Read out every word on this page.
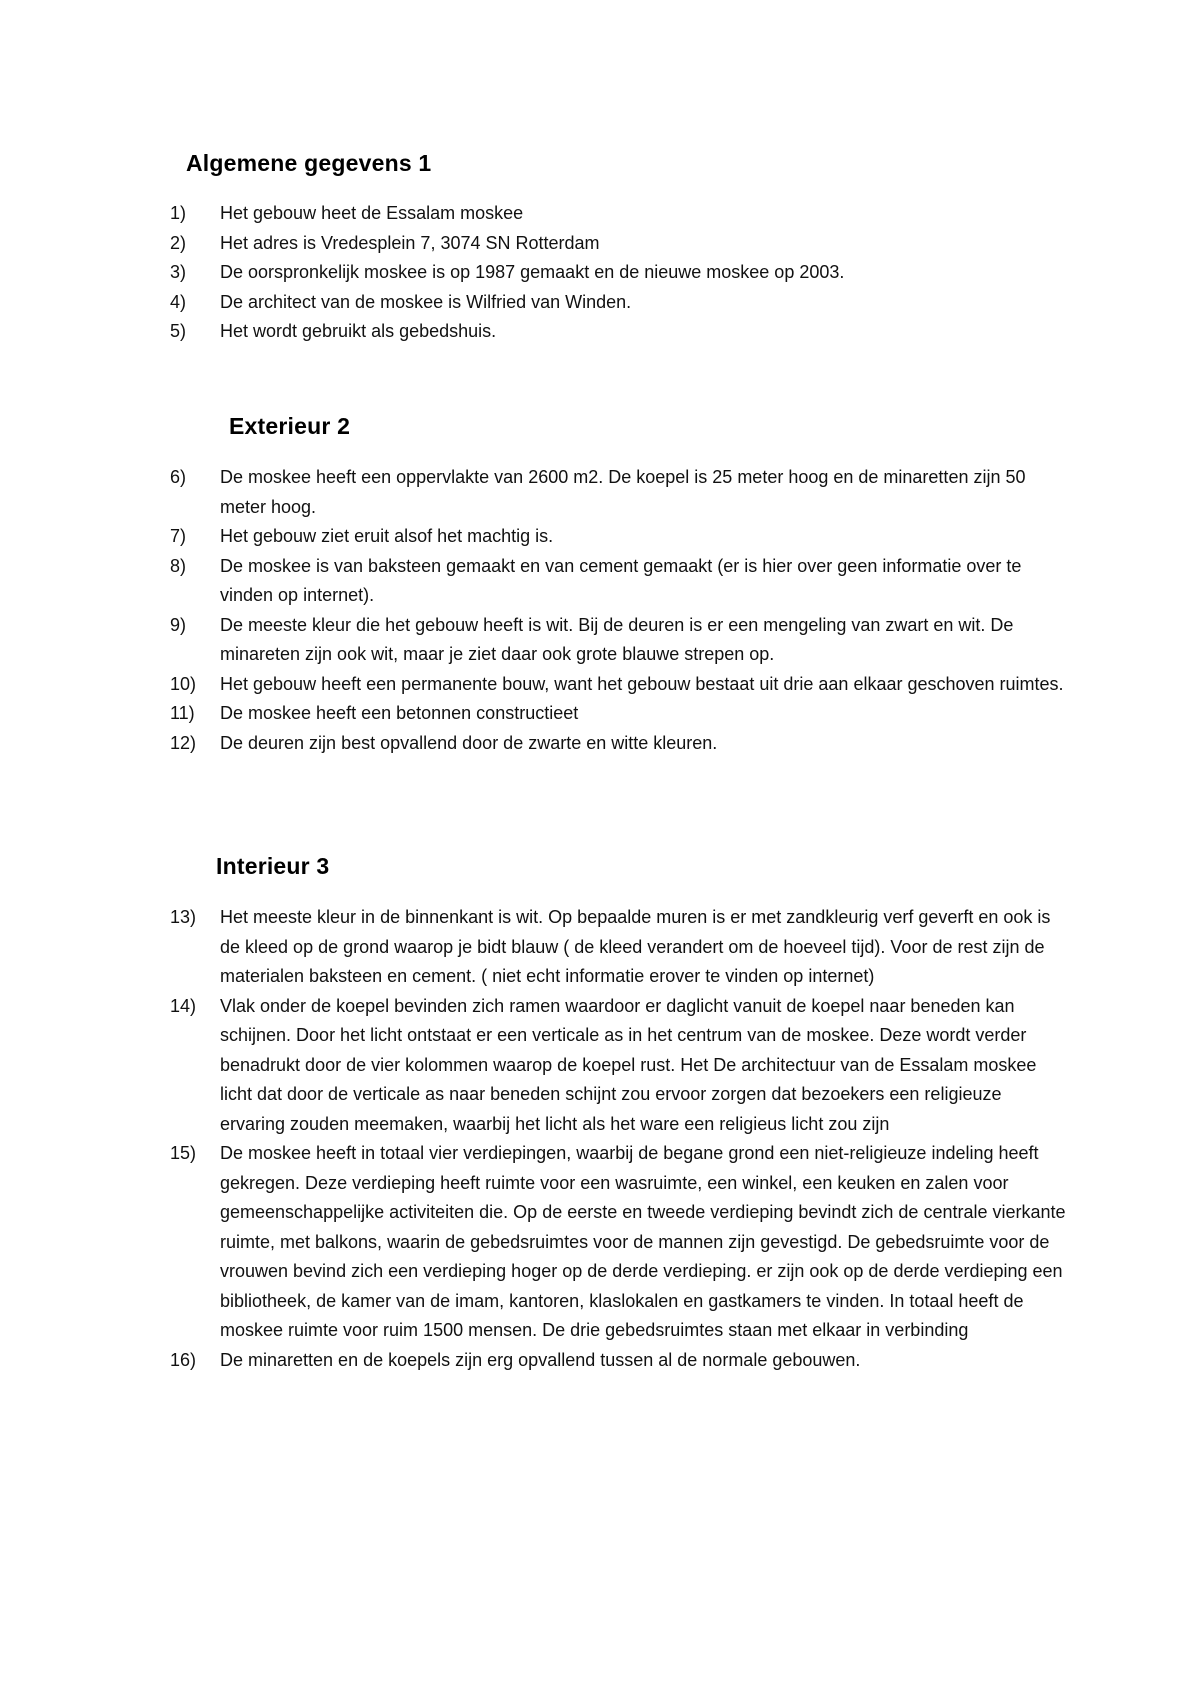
Algemene gegevens 1
1)	Het gebouw heet de Essalam moskee
2)	Het adres is Vredesplein 7, 3074 SN Rotterdam
3)	De oorspronkelijk moskee is op 1987 gemaakt en de nieuwe moskee op 2003.
4)	De architect van de moskee is Wilfried van Winden.
5)	Het wordt gebruikt als gebedshuis.
Exterieur 2
6)	De moskee heeft een oppervlakte van 2600 m2. De koepel is 25 meter hoog en de minaretten zijn 50 meter hoog.
7)	Het gebouw ziet eruit alsof het machtig is.
8)	De moskee is van baksteen gemaakt en van cement gemaakt (er is hier over geen informatie over te vinden op internet).
9)	De meeste kleur die het gebouw heeft is wit. Bij de deuren is er een mengeling van zwart en wit. De minareten zijn ook wit, maar je ziet daar ook grote blauwe strepen op.
10)	Het gebouw heeft een permanente bouw, want het gebouw bestaat uit drie aan elkaar geschoven ruimtes.
11)	De moskee heeft een betonnen constructieet
12)	De deuren zijn best opvallend door de zwarte en witte kleuren.
Interieur 3
13)	Het meeste kleur in de binnenkant is wit. Op bepaalde muren is er met zandkleurig verf geverft en ook is de kleed op de grond waarop je bidt blauw ( de kleed verandert om de hoeveel tijd). Voor de rest zijn de materialen baksteen en cement. ( niet echt informatie erover te vinden op internet)
14)	Vlak onder de koepel bevinden zich ramen waardoor er daglicht vanuit de koepel naar beneden kan schijnen. Door het licht ontstaat er een verticale as in het centrum van de moskee. Deze wordt verder benadrukt door de vier kolommen waarop de koepel rust. Het De architectuur van de Essalam moskee licht dat door de verticale as naar beneden schijnt zou ervoor zorgen dat bezoekers een religieuze ervaring zouden meemaken, waarbij het licht als het ware een religieus licht zou zijn
15)	De moskee heeft in totaal vier verdiepingen, waarbij de begane grond een niet-religieuze indeling heeft gekregen. Deze verdieping heeft ruimte voor een wasruimte, een winkel, een keuken en zalen voor gemeenschappelijke activiteiten die. Op de eerste en tweede verdieping bevindt zich de centrale vierkante ruimte, met balkons, waarin de gebedsruimtes voor de mannen zijn gevestigd. De gebedsruimte voor de vrouwen bevind zich een verdieping hoger op de derde verdieping. er zijn ook op de derde verdieping een bibliotheek, de kamer van de imam, kantoren, klaslokalen en gastkamers te vinden. In totaal heeft de moskee ruimte voor ruim 1500 mensen. De drie gebedsruimtes staan met elkaar in verbinding
16)	De minaretten en de koepels zijn erg opvallend tussen al de normale gebouwen.
